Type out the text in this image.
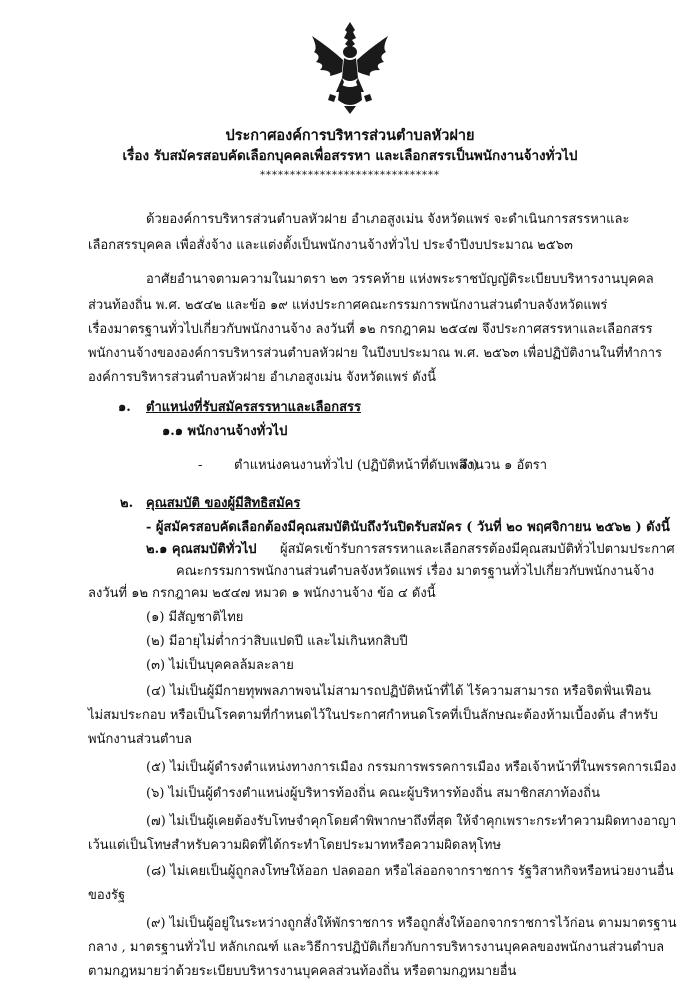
ประกาศองค์การบริหารส่วนตำบลหัวฝาย
เรื่อง รับสมัครสอบคัดเลือกบุคคลเพื่อสรรหา และเลือกสรรเป็นพนักงานจ้างทั่วไป
******************************
ด้วยองค์การบริหารส่วนตำบลหัวฝาย อำเภอสูงเม่น จังหวัดแพร่ จะดำเนินการสรรหาและ
เลือกสรรบุคคล เพื่อสั่งจ้าง และแต่งตั้งเป็นพนักงานจ้างทั่วไป ประจำปีงบประมาณ ๒๕๖๓
อาศัยอำนาจตามความในมาตรา ๒๓ วรรคท้าย แห่งพระราชบัญญัติระเบียบบริหารงานบุคคล
ส่วนท้องถิ่น พ.ศ. ๒๕๔๒ และข้อ ๑๙ แห่งประกาศคณะกรรมการพนักงานส่วนตำบลจังหวัดแพร่
เรื่องมาตรฐานทั่วไปเกี่ยวกับพนักงานจ้าง ลงวันที่ ๑๒ กรกฎาคม ๒๕๔๗ จึงประกาศสรรหาและเลือกสรร
พนักงานจ้างขององค์การบริหารส่วนตำบลหัวฝาย ในปีงบประมาณ พ.ศ. ๒๕๖๓ เพื่อปฏิบัติงานในที่ทำการ
องค์การบริหารส่วนตำบลหัวฝาย อำเภอสูงเม่น จังหวัดแพร่ ดังนี้
๑. ตำแหน่งที่รับสมัครสรรหาและเลือกสรร
๑.๑ พนักงานจ้างทั่วไป
- ตำแหน่งคนงานทั่วไป (ปฏิบัติหน้าที่ดับเพลิง)
จำนวน ๑ อัตรา
๒. คุณสมบัติ ของผู้มีสิทธิสมัคร
- ผู้สมัครสอบคัดเลือกต้องมีคุณสมบัตินับถึงวันปิดรับสมัคร ( วันที่ ๒๐ พฤศจิกายน ๒๕๖๒ ) ดังนี้
๒.๑ คุณสมบัติทั่วไป ผู้สมัครเข้ารับการสรรหาและเลือกสรรต้องมีคุณสมบัติทั่วไปตามประกาศ
คณะกรรมการพนักงานส่วนตำบลจังหวัดแพร่ เรื่อง มาตรฐานทั่วไปเกี่ยวกับพนักงานจ้าง
ลงวันที่ ๑๒ กรกฎาคม ๒๕๔๗ หมวด ๑ พนักงานจ้าง ข้อ ๔ ดังนี้
(๑) มีสัญชาติไทย
(๒) มีอายุไม่ต่ำกว่าสิบแปดปี และไม่เกินหกสิบปี
(๓) ไม่เป็นบุคคลล้มละลาย
(๔) ไม่เป็นผู้มีกายทุพพลภาพจนไม่สามารถปฏิบัติหน้าที่ได้ ไร้ความสามารถ หรือจิตฟั่นเฟือน
ไม่สมประกอบ หรือเป็นโรคตามที่กำหนดไว้ในประกาศกำหนดโรคที่เป็นลักษณะต้องห้ามเบื้องต้น สำหรับ
พนักงานส่วนตำบล
(๕) ไม่เป็นผู้ดำรงตำแหน่งทางการเมือง กรรมการพรรคการเมือง หรือเจ้าหน้าที่ในพรรคการเมือง
(๖) ไม่เป็นผู้ดำรงตำแหน่งผู้บริหารท้องถิ่น คณะผู้บริหารท้องถิ่น สมาชิกสภาท้องถิ่น
(๗) ไม่เป็นผู้เคยต้องรับโทษจำคุกโดยคำพิพากษาถึงที่สุด ให้จำคุกเพราะกระทำความผิดทางอาญา
เว้นแต่เป็นโทษสำหรับความผิดที่ได้กระทำโดยประมาทหรือความผิดลหุโทษ
(๘) ไม่เคยเป็นผู้ถูกลงโทษให้ออก ปลดออก หรือไล่ออกจากราชการ รัฐวิสาหกิจหรือหน่วยงานอื่น
ของรัฐ
(๙) ไม่เป็นผู้อยู่ในระหว่างถูกสั่งให้พักราชการ หรือถูกสั่งให้ออกจากราชการไว้ก่อน ตามมาตรฐาน
กลาง , มาตรฐานทั่วไป หลักเกณฑ์ และวิธีการปฏิบัติเกี่ยวกับการบริหารงานบุคคลของพนักงานส่วนตำบล
ตามกฎหมายว่าด้วยระเบียบบริหารงานบุคคลส่วนท้องถิ่น หรือตามกฎหมายอื่น
